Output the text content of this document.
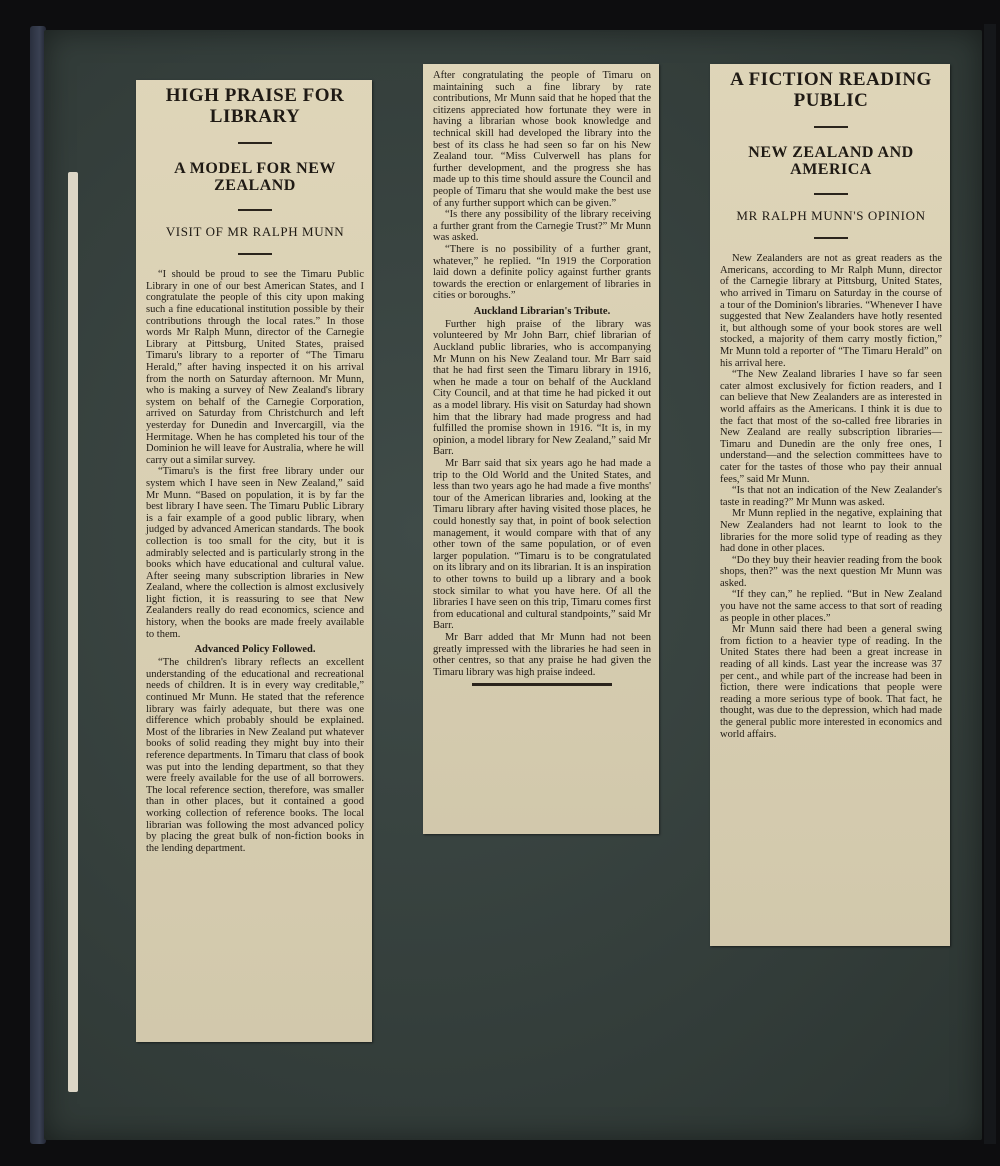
HIGH PRAISE FOR LIBRARY
A MODEL FOR NEW ZEALAND
VISIT OF MR RALPH MUNN

“I should be proud to see the Timaru Public Library in one of our best American States, and I congratulate the people of this city upon making such a fine educational institution possible by their contributions through the local rates.” In those words Mr Ralph Munn, director of the Carnegie Library at Pittsburg, United States, praised Timaru's library to a reporter of “The Timaru Herald,” after having inspected it on his arrival from the north on Saturday afternoon. Mr Munn, who is making a survey of New Zealand's library system on behalf of the Carnegie Corporation, arrived on Saturday from Christchurch and left yesterday for Dunedin and Invercargill, via the Hermitage. When he has completed his tour of the Dominion he will leave for Australia, where he will carry out a similar survey.

“Timaru's is the first free library under our system which I have seen in New Zealand,” said Mr Munn. “Based on population, it is by far the best library I have seen. The Timaru Public Library is a fair example of a good public library, when judged by advanced American standards. The book collection is too small for the city, but it is admirably selected and is particularly strong in the books which have educational and cultural value. After seeing many subscription libraries in New Zealand, where the collection is almost exclusively light fiction, it is reassuring to see that New Zealanders really do read economics, science and history, when the books are made freely available to them.

Advanced Policy Followed.

“The children's library reflects an excellent understanding of the educational and recreational needs of children. It is in every way creditable,” continued Mr Munn. He stated that the reference library was fairly adequate, but there was one difference which probably should be explained. Most of the libraries in New Zealand put whatever books of solid reading they might buy into their reference departments. In Timaru that class of book was put into the lending department, so that they were freely available for the use of all borrowers. The local reference section, therefore, was smaller than in other places, but it contained a good working collection of reference books. The local librarian was following the most advanced policy by placing the great bulk of non-fiction books in the lending department.

After congratulating the people of Timaru on maintaining such a fine library by rate contributions, Mr Munn said that he hoped that the citizens appreciated how fortunate they were in having a librarian whose book knowledge and technical skill had developed the library into the best of its class he had seen so far on his New Zealand tour. “Miss Culverwell has plans for further development, and the progress she has made up to this time should assure the Council and people of Timaru that she would make the best use of any further support which can be given.”

“Is there any possibility of the library receiving a further grant from the Carnegie Trust?” Mr Munn was asked.

“There is no possibility of a further grant, whatever,” he replied. “In 1919 the Corporation laid down a definite policy against further grants towards the erection or enlargement of libraries in cities or boroughs.”

Auckland Librarian's Tribute.

Further high praise of the library was volunteered by Mr John Barr, chief librarian of Auckland public libraries, who is accompanying Mr Munn on his New Zealand tour. Mr Barr said that he had first seen the Timaru library in 1916, when he made a tour on behalf of the Auckland City Council, and at that time he had picked it out as a model library. His visit on Saturday had shown him that the library had made progress and had fulfilled the promise shown in 1916. “It is, in my opinion, a model library for New Zealand,” said Mr Barr.

Mr Barr said that six years ago he had made a trip to the Old World and the United States, and less than two years ago he had made a five months' tour of the American libraries and, looking at the Timaru library after having visited those places, he could honestly say that, in point of book selection management, it would compare with that of any other town of the same population, or of even larger population. “Timaru is to be congratulated on its library and on its librarian. It is an inspiration to other towns to build up a library and a book stock similar to what you have here. Of all the libraries I have seen on this trip, Timaru comes first from educational and cultural standpoints,” said Mr Barr.

Mr Barr added that Mr Munn had not been greatly impressed with the libraries he had seen in other centres, so that any praise he had given the Timaru library was high praise indeed.

A FICTION READING PUBLIC
NEW ZEALAND AND AMERICA
MR RALPH MUNN'S OPINION

New Zealanders are not as great readers as the Americans, according to Mr Ralph Munn, director of the Carnegie library at Pittsburg, United States, who arrived in Timaru on Saturday in the course of a tour of the Dominion's libraries. “Whenever I have suggested that New Zealanders have hotly resented it, but although some of your book stores are well stocked, a majority of them carry mostly fiction,” Mr Munn told a reporter of “The Timaru Herald” on his arrival here.

“The New Zealand libraries I have so far seen cater almost exclusively for fiction readers, and I can believe that New Zealanders are as interested in world affairs as the Americans. I think it is due to the fact that most of the so-called free libraries in New Zealand are really subscription libraries—Timaru and Dunedin are the only free ones, I understand—and the selection committees have to cater for the tastes of those who pay their annual fees,” said Mr Munn.

“Is that not an indication of the New Zealander's taste in reading?” Mr Munn was asked.

Mr Munn replied in the negative, explaining that New Zealanders had not learnt to look to the libraries for the more solid type of reading as they had done in other places.

“Do they buy their heavier reading from the book shops, then?” was the next question Mr Munn was asked.

“If they can,” he replied. “But in New Zealand you have not the same access to that sort of reading as people in other places.”

Mr Munn said there had been a general swing from fiction to a heavier type of reading. In the United States there had been a great increase in reading of all kinds. Last year the increase was 37 per cent., and while part of the increase had been in fiction, there were indications that people were reading a more serious type of book. That fact, he thought, was due to the depression, which had made the general public more interested in economics and world affairs.
